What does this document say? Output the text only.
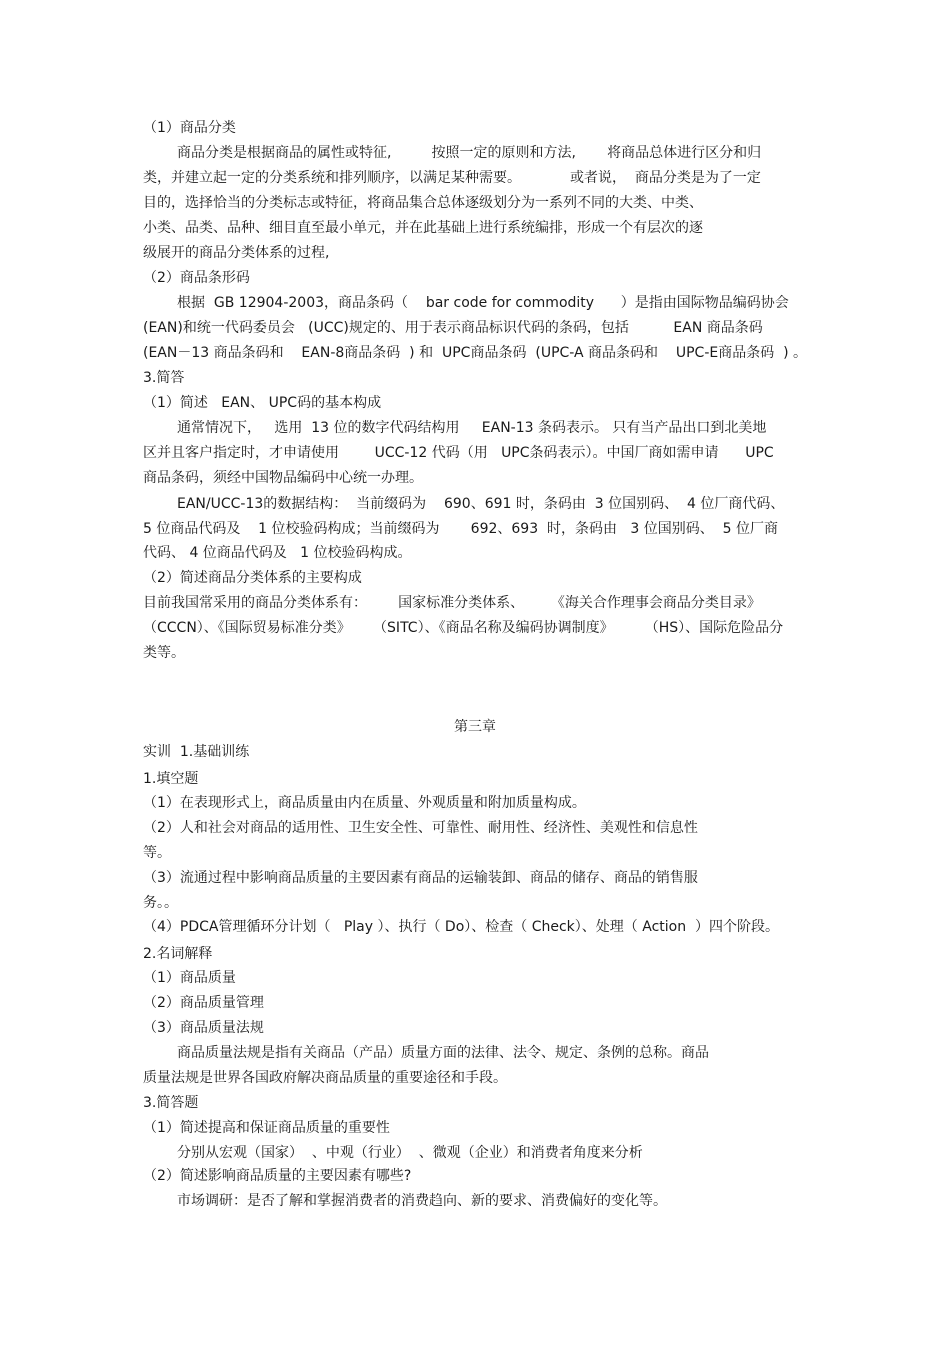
（1）商品分类
商品分类是根据商品的属性或特征,         按照一定的原则和方法,       将商品总体进行区分和归
类，并建立起一定的分类系统和排列顺序，以满足某种需要。           或者说，  商品分类是为了一定
目的，选择恰当的分类标志或特征，将商品集合总体逐级划分为一系列不同的大类、中类、
小类、品类、品种、细目直至最小单元，并在此基础上进行系统编排，形成一个有层次的逐
级展开的商品分类体系的过程,
（2）商品条形码
根据  GB 12904-2003，商品条码（    bar code for commodity      ）是指由国际物品编码协会
(EAN)和统一代码委员会   (UCC)规定的、用于表示商品标识代码的条码，包括          EAN 商品条码
(EAN－13 商品条码和    EAN-8商品条码  ) 和  UPC商品条码  (UPC-A 商品条码和    UPC-E商品条码  ) 。
3.简答
（1）简述   EAN、 UPC码的基本构成
通常情况下，   选用  13 位的数字代码结构用     EAN-13 条码表示。 只有当产品出口到北美地
区并且客户指定时，才申请使用        UCC-12 代码（用   UPC条码表示）。中国厂商如需申请      UPC
商品条码，须经中国物品编码中心统一办理。
EAN/UCC-13的数据结构：  当前缀码为    690、691 时，条码由  3 位国别码、  4 位厂商代码、
5 位商品代码及    1 位校验码构成；当前缀码为       692、693  时，条码由   3 位国别码、  5 位厂商
代码、 4 位商品代码及   1 位校验码构成。
（2）简述商品分类体系的主要构成
目前我国常采用的商品分类体系有：       国家标准分类体系、      《海关合作理事会商品分类目录》
（CCCN）、《国际贸易标准分类》     （SITC）、《商品名称及编码协调制度》       （HS）、国际危险品分
类等。
第三章
实训  1.基础训练
1.填空题
（1）在表现形式上，商品质量由内在质量、外观质量和附加质量构成。
（2）人和社会对商品的适用性、卫生安全性、可靠性、耐用性、经济性、美观性和信息性
等。
（3）流通过程中影响商品质量的主要因素有商品的运输装卸、商品的储存、商品的销售服
务。。
（4）PDCA管理循环分计划（   Play ）、执行（ Do）、检查（ Check）、处理（ Action  ）四个阶段。
2.名词解释
（1）商品质量
（2）商品质量管理
（3）商品质量法规
商品质量法规是指有关商品（产品）质量方面的法律、法令、规定、条例的总称。商品
质量法规是世界各国政府解决商品质量的重要途径和手段。
3.简答题
（1）简述提高和保证商品质量的重要性
分别从宏观（国家）  、中观（行业）  、微观（企业）和消费者角度来分析
（2）简述影响商品质量的主要因素有哪些?
市场调研：是否了解和掌握消费者的消费趋向、新的要求、消费偏好的变化等。
